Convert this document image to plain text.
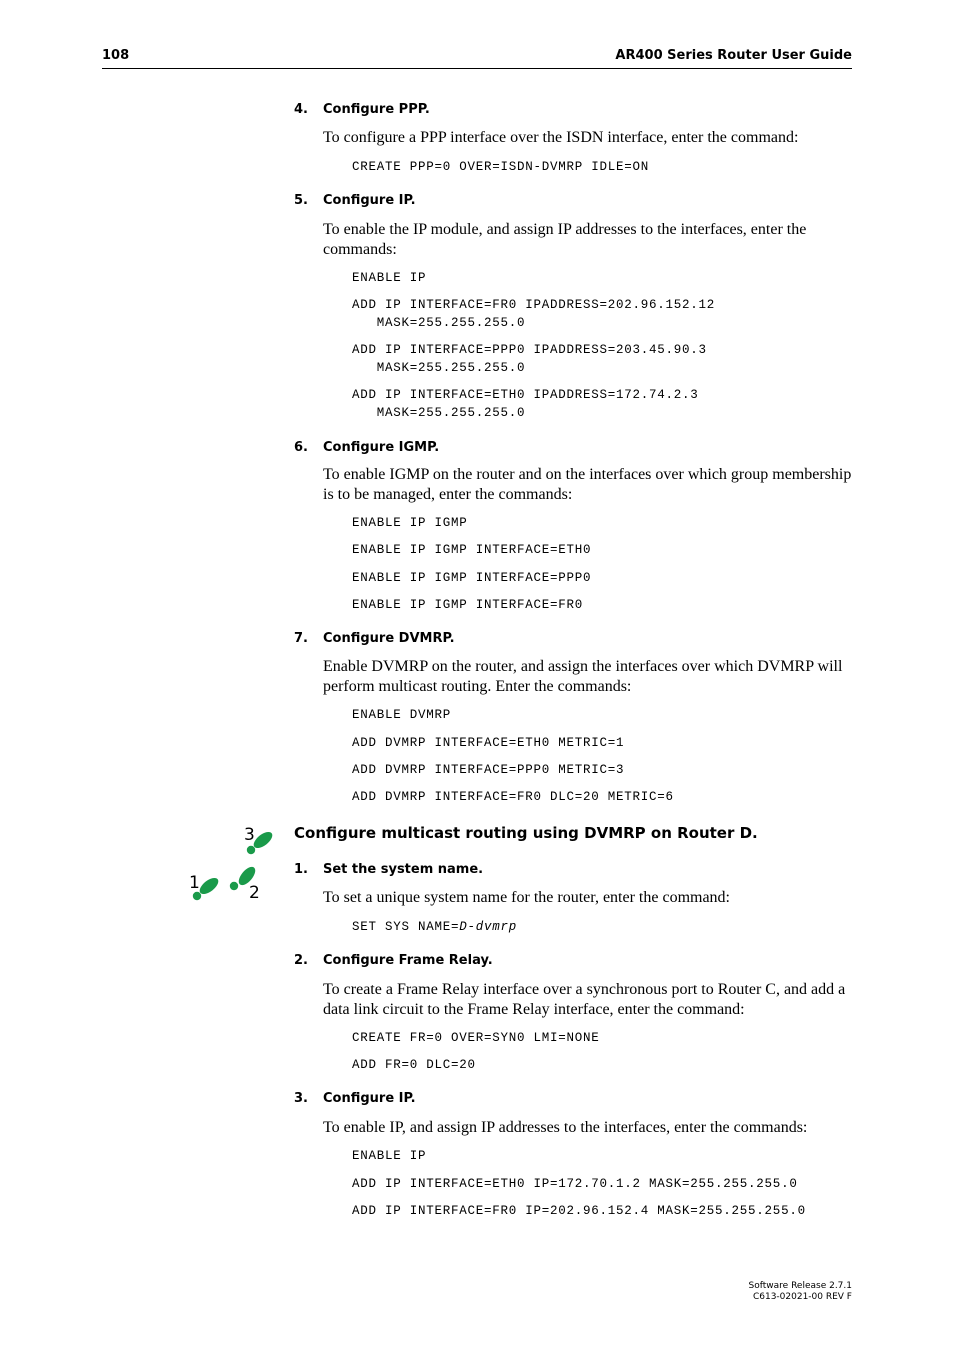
108	AR400 Series Router User Guide
4. Configure PPP.
To configure a PPP interface over the ISDN interface, enter the command:
CREATE PPP=0 OVER=ISDN-DVMRP IDLE=ON
5. Configure IP.
To enable the IP module, and assign IP addresses to the interfaces, enter the commands:
ENABLE IP
ADD IP INTERFACE=FR0 IPADDRESS=202.96.152.12
MASK=255.255.255.0
ADD IP INTERFACE=PPP0 IPADDRESS=203.45.90.3
MASK=255.255.255.0
ADD IP INTERFACE=ETH0 IPADDRESS=172.74.2.3
MASK=255.255.255.0
6. Configure IGMP.
To enable IGMP on the router and on the interfaces over which group membership is to be managed, enter the commands:
ENABLE IP IGMP
ENABLE IP IGMP INTERFACE=ETH0
ENABLE IP IGMP INTERFACE=PPP0
ENABLE IP IGMP INTERFACE=FR0
7. Configure DVMRP.
Enable DVMRP on the router, and assign the interfaces over which DVMRP will perform multicast routing. Enter the commands:
ENABLE DVMRP
ADD DVMRP INTERFACE=ETH0 METRIC=1
ADD DVMRP INTERFACE=PPP0 METRIC=3
ADD DVMRP INTERFACE=FR0 DLC=20 METRIC=6
3
1	2
Configure multicast routing using DVMRP on Router D.
1. Set the system name.
To set a unique system name for the router, enter the command:
SET SYS NAME=D-dvmrp
2. Configure Frame Relay.
To create a Frame Relay interface over a synchronous port to Router C, and add a data link circuit to the Frame Relay interface, enter the command:
CREATE FR=0 OVER=SYN0 LMI=NONE
ADD FR=0 DLC=20
3. Configure IP.
To enable IP, and assign IP addresses to the interfaces, enter the commands:
ENABLE IP
ADD IP INTERFACE=ETH0 IP=172.70.1.2 MASK=255.255.255.0
ADD IP INTERFACE=FR0 IP=202.96.152.4 MASK=255.255.255.0
Software Release 2.7.1
C613-02021-00 REV F
